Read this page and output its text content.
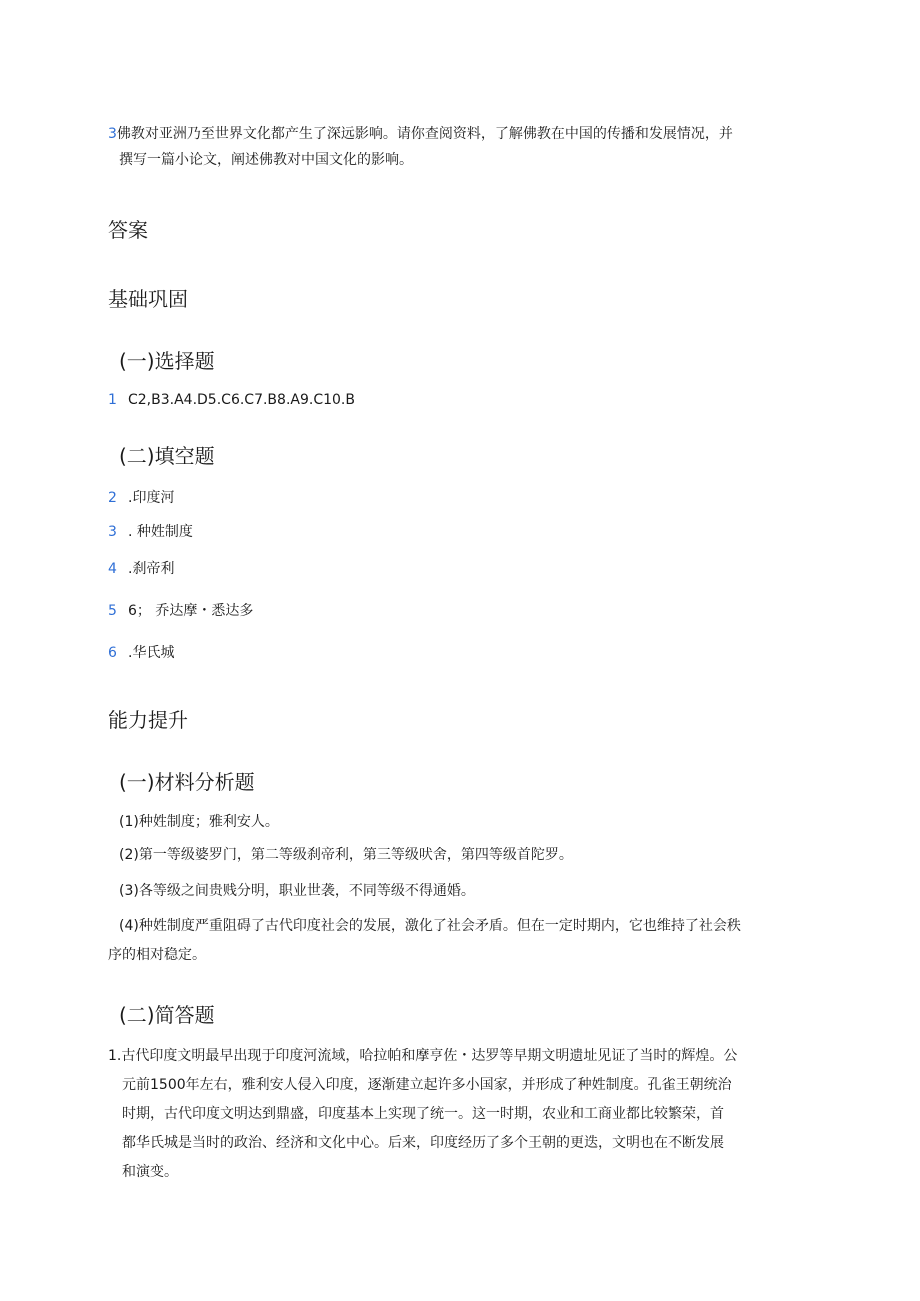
3佛教对亚洲乃至世界文化都产生了深远影响。请你查阅资料，了解佛教在中国的传播和发展情况，并
撰写一篇小论文，阐述佛教对中国文化的影响。
答案
基础巩固
(一)选择题
1 C2,B3.A4.D5.C6.C7.B8.A9.C10.B
(二)填空题
2 .印度河
3 . 种姓制度
4 .刹帝利
5 6； 乔达摩・悉达多
6 .华氏城
能力提升
(一)材料分析题
(1)种姓制度；雅利安人。
(2)第一等级婆罗门，第二等级刹帝利，第三等级吠舍，第四等级首陀罗。
(3)各等级之间贵贱分明，职业世袭，不同等级不得通婚。
(4)种姓制度严重阻碍了古代印度社会的发展，激化了社会矛盾。但在一定时期内，它也维持了社会秩
序的相对稳定。
(二)简答题
1.古代印度文明最早出现于印度河流域，哈拉帕和摩亨佐・达罗等早期文明遗址见证了当时的辉煌。公
元前1500年左右，雅利安人侵入印度，逐渐建立起许多小国家，并形成了种姓制度。孔雀王朝统治
时期，古代印度文明达到鼎盛，印度基本上实现了统一。这一时期，农业和工商业都比较繁荣，首
都华氏城是当时的政治、经济和文化中心。后来，印度经历了多个王朝的更迭，文明也在不断发展
和演变。
